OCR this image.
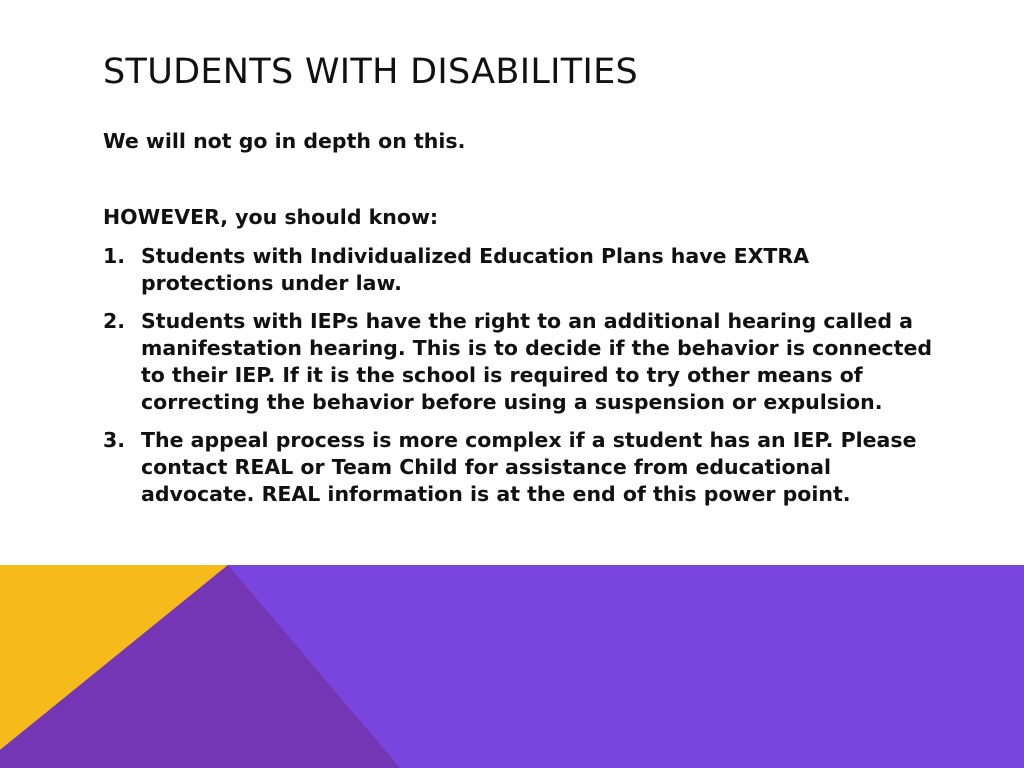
STUDENTS WITH DISABILITIES

We will not go in depth on this.

HOWEVER, you should know:

1. Students with Individualized Education Plans have EXTRA protections under law.
2. Students with IEPs have the right to an additional hearing called a manifestation hearing. This is to decide if the behavior is connected to their IEP. If it is the school is required to try other means of correcting the behavior before using a suspension or expulsion.
3. The appeal process is more complex if a student has an IEP. Please contact REAL or Team Child for assistance from educational advocate. REAL information is at the end of this power point.
